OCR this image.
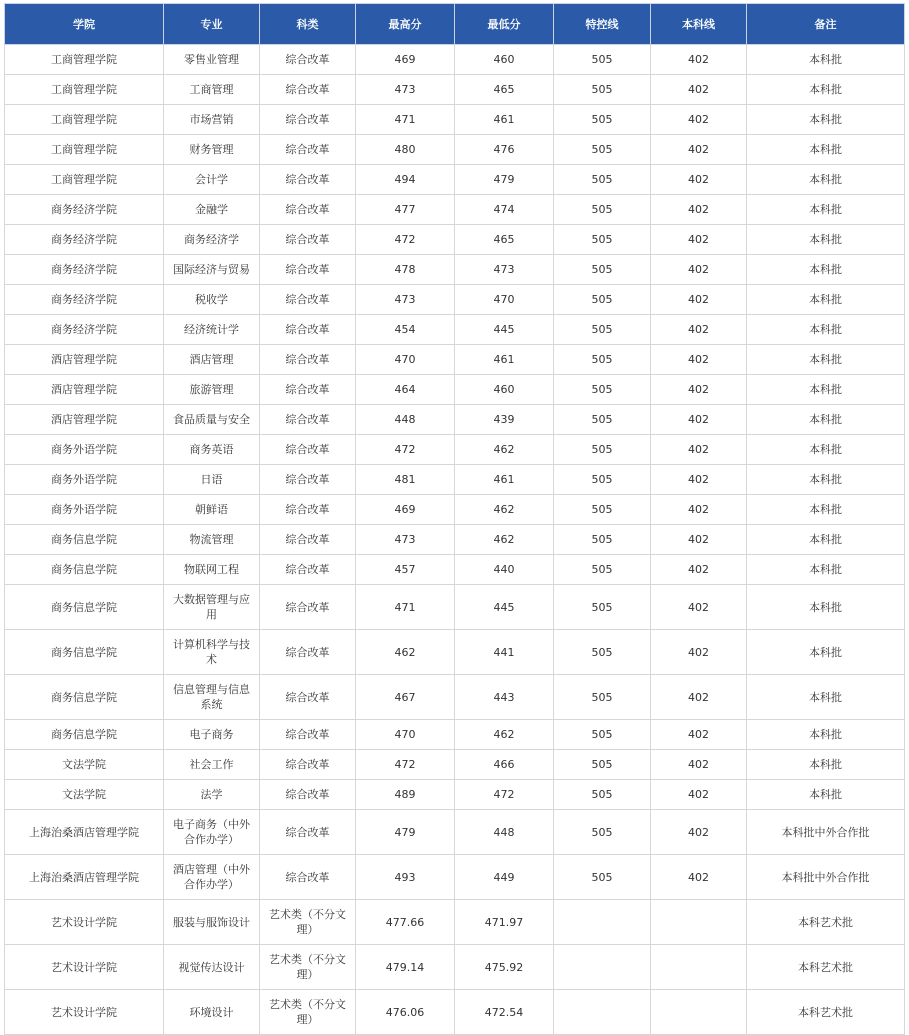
学院	专业	科类	最高分	最低分	特控线	本科线	备注
工商管理学院	零售业管理	综合改革	469	460	505	402	本科批
工商管理学院	工商管理	综合改革	473	465	505	402	本科批
工商管理学院	市场营销	综合改革	471	461	505	402	本科批
工商管理学院	财务管理	综合改革	480	476	505	402	本科批
工商管理学院	会计学	综合改革	494	479	505	402	本科批
商务经济学院	金融学	综合改革	477	474	505	402	本科批
商务经济学院	商务经济学	综合改革	472	465	505	402	本科批
商务经济学院	国际经济与贸易	综合改革	478	473	505	402	本科批
商务经济学院	税收学	综合改革	473	470	505	402	本科批
商务经济学院	经济统计学	综合改革	454	445	505	402	本科批
酒店管理学院	酒店管理	综合改革	470	461	505	402	本科批
酒店管理学院	旅游管理	综合改革	464	460	505	402	本科批
酒店管理学院	食品质量与安全	综合改革	448	439	505	402	本科批
商务外语学院	商务英语	综合改革	472	462	505	402	本科批
商务外语学院	日语	综合改革	481	461	505	402	本科批
商务外语学院	朝鲜语	综合改革	469	462	505	402	本科批
商务信息学院	物流管理	综合改革	473	462	505	402	本科批
商务信息学院	物联网工程	综合改革	457	440	505	402	本科批
商务信息学院	大数据管理与应用	综合改革	471	445	505	402	本科批
商务信息学院	计算机科学与技术	综合改革	462	441	505	402	本科批
商务信息学院	信息管理与信息系统	综合改革	467	443	505	402	本科批
商务信息学院	电子商务	综合改革	470	462	505	402	本科批
文法学院	社会工作	综合改革	472	466	505	402	本科批
文法学院	法学	综合改革	489	472	505	402	本科批
上海治桑酒店管理学院	电子商务（中外合作办学）	综合改革	479	448	505	402	本科批中外合作批
上海治桑酒店管理学院	酒店管理（中外合作办学）	综合改革	493	449	505	402	本科批中外合作批
艺术设计学院	服装与服饰设计	艺术类（不分文理）	477.66	471.97			本科艺术批
艺术设计学院	视觉传达设计	艺术类（不分文理）	479.14	475.92			本科艺术批
艺术设计学院	环境设计	艺术类（不分文理）	476.06	472.54			本科艺术批
